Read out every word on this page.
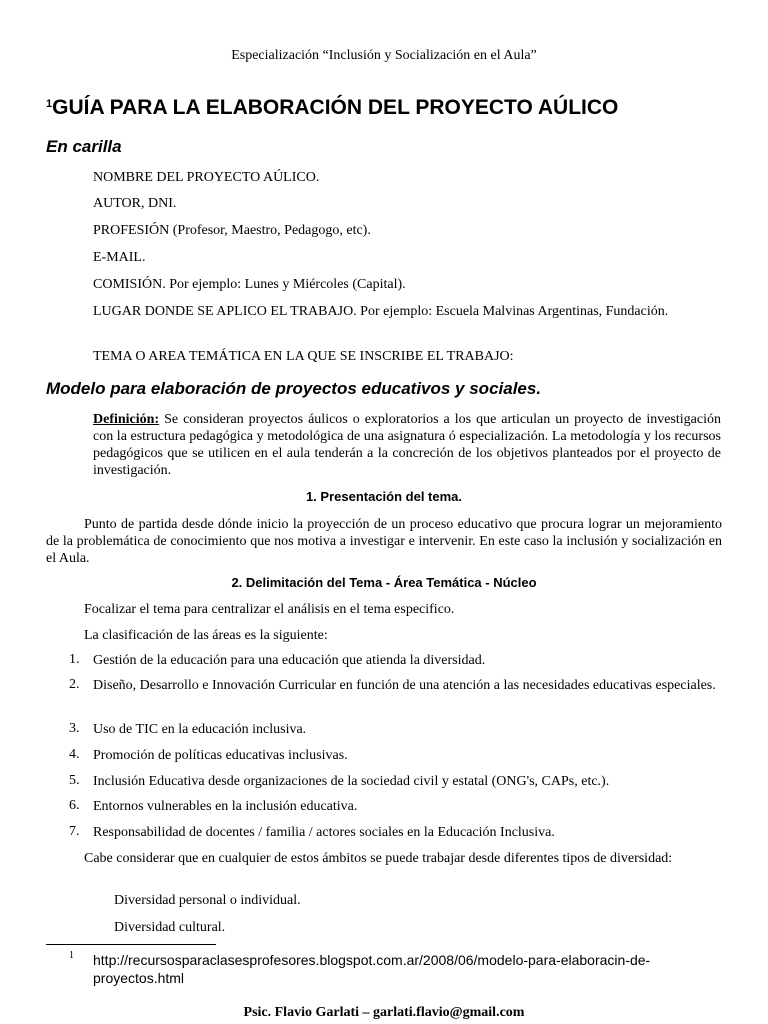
Especialización “Inclusión y Socialización en el Aula”
$^1$GUÍA PARA LA ELABORACIÓN DEL PROYECTO AÚLICO
En carilla
NOMBRE DEL PROYECTO AÚLICO.
AUTOR, DNI.
PROFESIÓN (Profesor, Maestro, Pedagogo, etc).
E-MAIL.
COMISIÓN. Por ejemplo: Lunes y Miércoles (Capital).
LUGAR DONDE SE APLICO EL TRABAJO. Por ejemplo: Escuela Malvinas Argentinas, Fundación.
TEMA O AREA TEMÁTICA EN LA QUE SE INSCRIBE EL TRABAJO:
Modelo para elaboración de proyectos educativos y sociales.
Definición: Se consideran proyectos áulicos o exploratorios a los que articulan un proyecto de investigación con la estructura pedagógica y metodológica de una asignatura ó especialización. La metodología y los recursos pedagógicos que se utilicen en el aula tenderán a la concreción de los objetivos planteados por el proyecto de investigación.
1. Presentación del tema.
Punto de partida desde dónde inicio la proyección de un proceso educativo que procura lograr un mejoramiento de la problemática de conocimiento que nos motiva a investigar e intervenir. En este caso la inclusión y socialización en el Aula.
2. Delimitación del Tema - Área Temática - Núcleo
Focalizar el tema para centralizar el análisis en el tema especifico.
La clasificación de las áreas es la siguiente:
1. Gestión de la educación para una educación que atienda la diversidad.
2. Diseño, Desarrollo e Innovación Curricular en función de una atención a las necesidades educativas especiales.
3. Uso de TIC en la educación inclusiva.
4. Promoción de políticas educativas inclusivas.
5. Inclusión Educativa desde organizaciones de la sociedad civil y estatal (ONG's, CAPs, etc.).
6. Entornos vulnerables en la inclusión educativa.
7. Responsabilidad de docentes / familia / actores sociales en la Educación Inclusiva.
Cabe considerar que en cualquier de estos ámbitos se puede trabajar desde diferentes tipos de diversidad:
Diversidad personal o individual.
Diversidad cultural.
1 http://recursosparaclasesprofesores.blogspot.com.ar/2008/06/modelo-para-elaboracin-de-proyectos.html
Psic. Flavio Garlati – garlati.flavio@gmail.com
